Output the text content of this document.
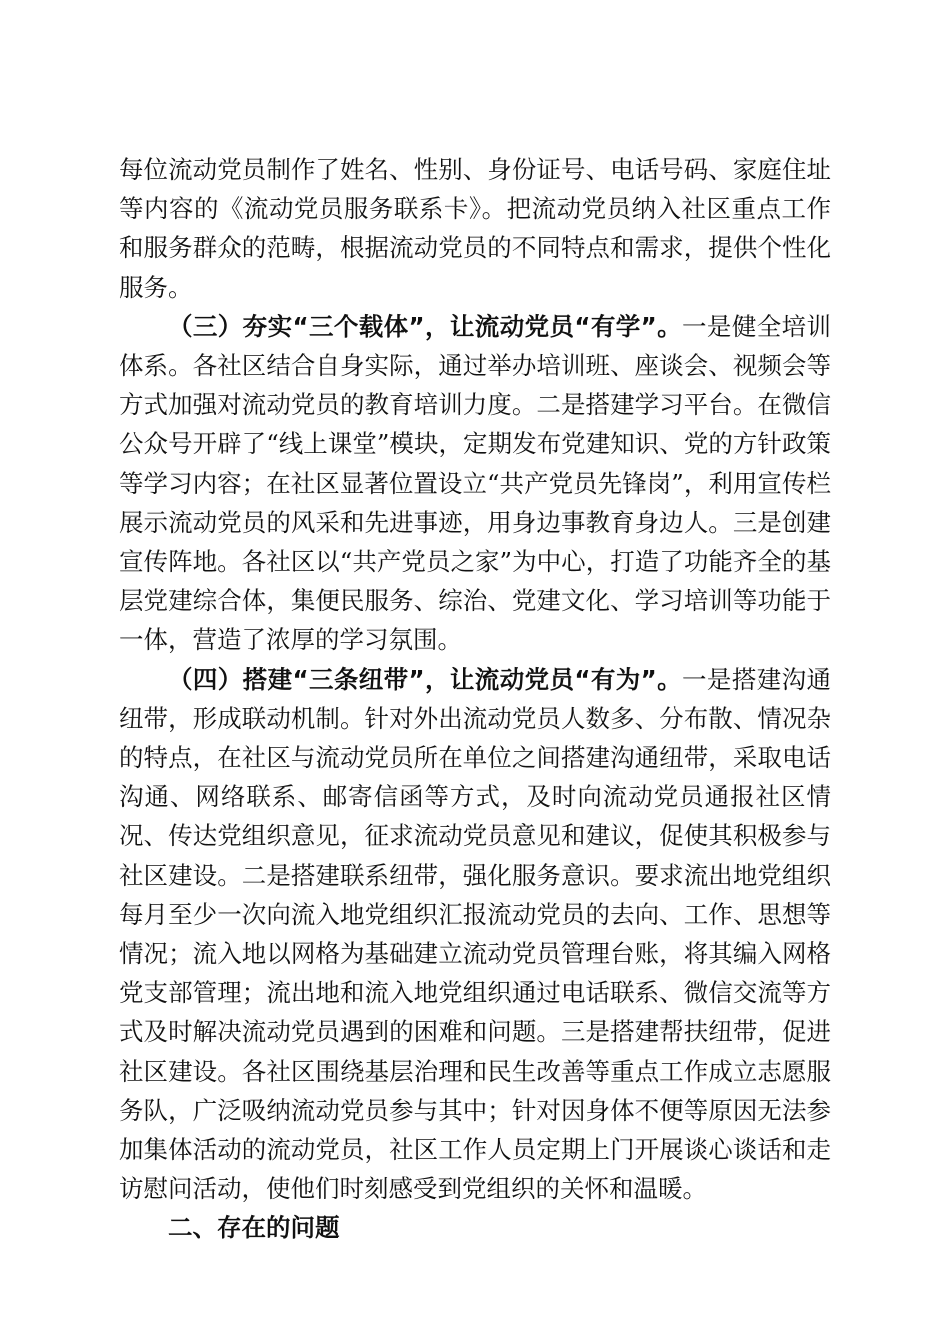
每位流动党员制作了姓名、性别、身份证号、电话号码、家庭住址等内容的《流动党员服务联系卡》。把流动党员纳入社区重点工作和服务群众的范畴，根据流动党员的不同特点和需求，提供个性化服务。

（三）夯实“三个载体”，让流动党员“有学”。一是健全培训体系。各社区结合自身实际，通过举办培训班、座谈会、视频会等方式加强对流动党员的教育培训力度。二是搭建学习平台。在微信公众号开辟了“线上课堂”模块，定期发布党建知识、党的方针政策等学习内容；在社区显著位置设立“共产党员先锋岗”，利用宣传栏展示流动党员的风采和先进事迹，用身边事教育身边人。三是创建宣传阵地。各社区以“共产党员之家”为中心，打造了功能齐全的基层党建综合体，集便民服务、综治、党建文化、学习培训等功能于一体，营造了浓厚的学习氛围。

（四）搭建“三条纽带”，让流动党员“有为”。一是搭建沟通纽带，形成联动机制。针对外出流动党员人数多、分布散、情况杂的特点，在社区与流动党员所在单位之间搭建沟通纽带，采取电话沟通、网络联系、邮寄信函等方式，及时向流动党员通报社区情况、传达党组织意见，征求流动党员意见和建议，促使其积极参与社区建设。二是搭建联系纽带，强化服务意识。要求流出地党组织每月至少一次向流入地党组织汇报流动党员的去向、工作、思想等情况；流入地以网格为基础建立流动党员管理台账，将其编入网格党支部管理；流出地和流入地党组织通过电话联系、微信交流等方式及时解决流动党员遇到的困难和问题。三是搭建帮扶纽带，促进社区建设。各社区围绕基层治理和民生改善等重点工作成立志愿服务队，广泛吸纳流动党员参与其中；针对因身体不便等原因无法参加集体活动的流动党员，社区工作人员定期上门开展谈心谈话和走访慰问活动，使他们时刻感受到党组织的关怀和温暖。

二、存在的问题
